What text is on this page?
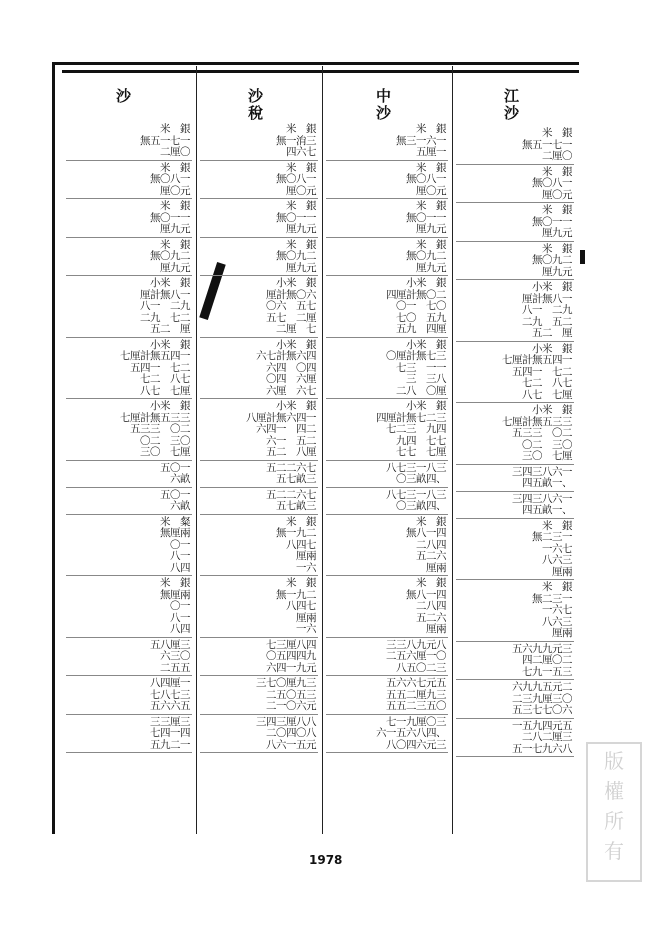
沙
米　銀
無五一七一
二厘〇
米　銀
無〇八一
厘〇元
米　銀
無〇一一
厘九元
米　銀
無〇九二
厘九元
小米　銀
厘計無八一
八一　二九
二九　七二
五二　厘
小米　銀
七厘計無五四一
五四一　七二
七二　八七
八七　七厘
小米　銀
七厘計無五三三
五三三　〇二
〇二　三〇
三〇　七厘
五〇一
六畝
五〇一
六畝
米　粲
無厘兩
〇一
八一
八四
米　銀
無厘兩
〇一
八一
八四
五八厘三
六三〇
二五五
八四厘一
七八七三
五六六五
三三厘三
七四一四
五九二一
沙
稅
米　銀
無一㳙三
四六七
米　銀
無〇八一
厘〇元
米　銀
無〇一一
厘九元
米　銀
無〇九二
厘九元
小米　銀
厘計無〇六
〇六　五七
五七　二厘
二厘　七
小米　銀
六七計無六四
六四　〇四
〇四　六厘
六厘　六七
小米　銀
八厘計無六四一
六四一　四二
六一　五二
五二　八厘
五二二六七
五七畝三
五二二六七
五七畝三
米　銀
無一九二
八四七
厘兩
一六
米　銀
無一九二
八四七
厘兩
一六
七三厘八四
〇五四四九
六四一九元
三七〇厘九三
二五〇五三
二一〇六元
三四三厘八八
二〇四〇八
八六一五元
中
沙
米　銀
無三一六一
五厘一
米　銀
無〇八一
厘〇元
米　銀
無〇一一
厘九元
米　銀
無〇九二
厘九元
小米　銀
四厘計無〇二
〇一　七〇
七〇　五九
五九　四厘
小米　銀
〇厘計無七三
七三　一一
三　三八
二八　〇厘
小米　銀
四厘計無七二三
七二三　九四
九四　七七
七七　七厘
八七三一八三
〇三畝四、
八七三一八三
〇三畝四、
米　銀
無八一四
二八四
五二六
厘兩
米　銀
無八一四
二八四
五二六
厘兩
三三八九元八
二五六厘一〇
八五〇二三
五六六七元五
五五二厘九三
五五二三五〇
七一九厘〇三
六一五六八四、
八〇四六元三
江
沙
米　銀
無五一七一
二厘〇
米　銀
無〇八一
厘〇元
米　銀
無〇一一
厘九元
米　銀
無〇九二
厘九元
小米　銀
厘計無八一
八一　二九
二九　五二
五二　厘
小米　銀
七厘計無五四一
五四一　七二
七二　八七
八七　七厘
小米　銀
七厘計無五三三
五三三　〇二
〇二　三〇
三〇　七厘
三四三八六一
四五畝一、
三四三八六一
四五畝一、
米　銀
無二三一
一六七
八六三
厘兩
米　銀
無二三一
一六七
八六三
厘兩
五六九九元三
四二厘〇二
七九一五三
六九九五元二
二三九厘三〇
五三七七〇六
一五九四元五
二八二厘三
五一七九六八
1978
版
權
所
有
